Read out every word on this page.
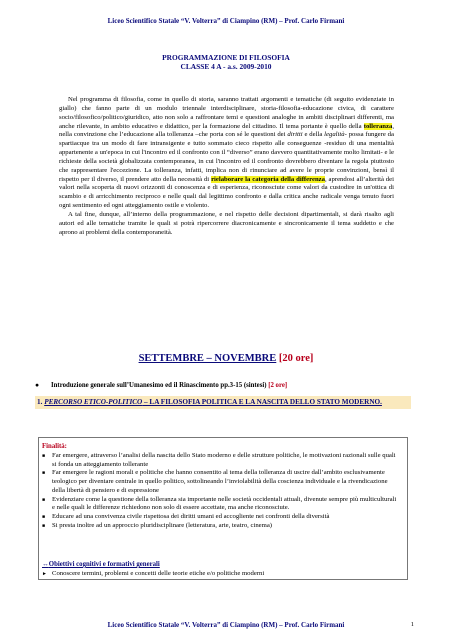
Liceo Scientifico Statale “V. Volterra” di Ciampino (RM) – Prof. Carlo Firmani
PROGRAMMAZIONE DI FILOSOFIA
CLASSE 4 A - a.s. 2009-2010

Nel programma di filosofia, come in quello di storia, saranno trattati argomenti e tematiche (di seguito evidenziate in giallo) che fanno parte di un modulo triennale interdisciplinare, storia-filosofia-educazione civica, di carattere socio/filosofico/politico/giuridico, atto non solo a raffrontare temi e questioni analoghe in ambiti disciplinari differenti, ma anche rilevante, in ambito educativo e didattico, per la formazione del cittadino. Il tema portante è quello della tolleranza, nella convinzione che l’educazione alla tolleranza –che porta con sé le questioni dei diritti e della legalità- possa fungere da spartiacque tra un modo di fare intransigente e tutto sommato cieco rispetto alle conseguenze -residuo di una mentalità appartenente a un'epoca in cui l'incontro ed il confronto con il “diverso” erano davvero quantitativamente molto limitati- e le richieste della società globalizzata contemporanea, in cui l'incontro ed il confronto dovrebbero diventare la regola piuttosto che rappresentare l'eccezione. La tolleranza, infatti, implica non di rinunciare ad avere le proprie convinzioni, bensì il rispetto per il diverso, il prendere atto della necessità di rielaborare la categoria della differenza, aprendosi all’alterità dei valori nella scoperta di nuovi orizzonti di conoscenza e di esperienza, riconosciute come valori da custodire in un'ottica di scambio e di arricchimento reciproco e nelle quali dal legittimo confronto e dalla critica anche radicale venga tenuto fuori ogni sentimento ed ogni atteggiamento ostile e violento.

A tal fine, dunque, all’interno della programmazione, e nel rispetto delle decisioni dipartimentali, si darà risalto agli autori ed alle tematiche tramite le quali si potrà ripercorrere diacronicamente e sincronicamente il tema suddetto e che aprono ai problemi della contemporaneità.

SETTEMBRE – NOVEMBRE [20 ore]
● Introduzione generale sull’Umanesimo ed il Rinascimento pp.3-15 (sintesi) [2 ore]
1. PERCORSO ETICO-POLITICO – LA FILOSOFIA POLITICA E LA NASCITA DELLO STATO MODERNO.
Finalità:
■ Far emergere, attraverso l’analisi della nascita dello Stato moderno e delle strutture politiche, le motivazioni razionali sulle quali si fonda un atteggiamento tollerante
■ Far emergere le ragioni morali e politiche che hanno consentito al tema della tolleranza di uscire dall’ambito esclusivamente teologico per diventare centrale in quello politico, sottolineando l’inviolabilità della coscienza individuale e la rivendicazione della libertà di pensiero e di espressione
■ Evidenziare come la questione della tolleranza sia importante nelle società occidentali attuali, divenute sempre più multiculturali e nelle quali le differenze richiedono non solo di essere accettate, ma anche riconosciute.
■ Educare ad una convivenza civile rispettosa dei diritti umani ed accogliente nei confronti della diversità
■ Si presta inoltre ad un approccio pluridisciplinare (letteratura, arte, teatro, cinema)
↔Obiettivi cognitivi e formativi generali
► Conoscere termini, problemi e concetti delle teorie etiche e/o politiche moderni
Liceo Scientifico Statale “V. Volterra” di Ciampino (RM) – Prof. Carlo Firmani	1
